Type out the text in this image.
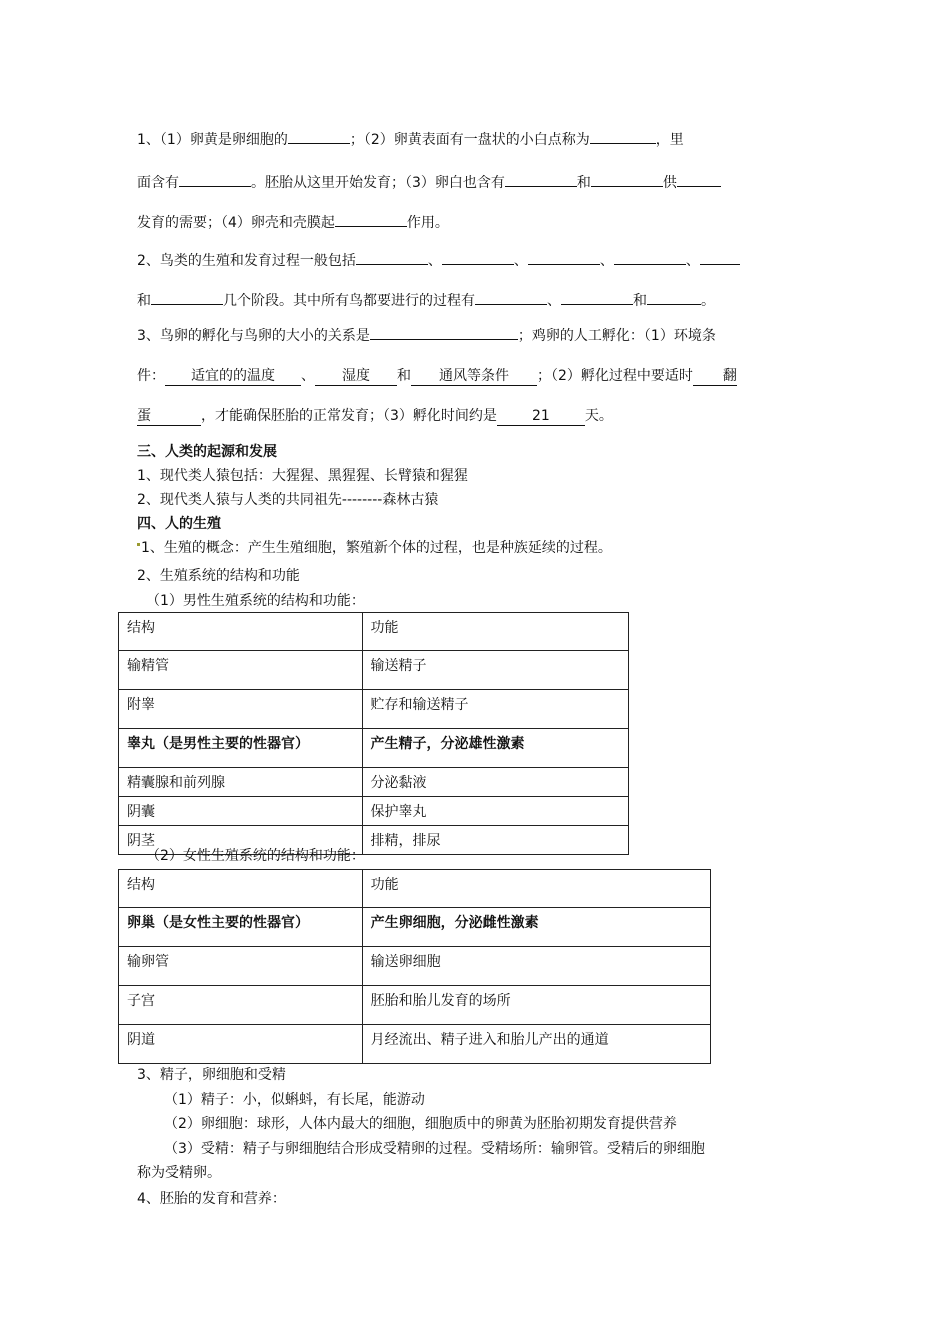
1、（1）卵黄是卵细胞的	；（2）卵黄表面有一盘状的小白点称为	，里
面含有	。胚胎从这里开始发育；（3）卵白也含有	和	供
发育的需要；（4）卵壳和壳膜起	作用。
2、鸟类的生殖和发育过程一般包括	、	、	、	、
和	几个阶段。其中所有鸟都要进行的过程有	、	和	。
3、鸟卵的孵化与鸟卵的大小的关系是	；鸡卵的人工孵化：（1）环境条
件： 适宜的的温度 、 湿度 和 通风等条件 ；（2）孵化过程中要适时 翻
蛋	，才能确保胚胎的正常发育；（3）孵化时间约是	21	天。
三、人类的起源和发展
1、现代类人猿包括：大猩猩、黑猩猩、长臂猿和猩猩
2、现代类人猿与人类的共同祖先--------森林古猿
四、人的生殖
1、生殖的概念：产生生殖细胞，繁殖新个体的过程，也是种族延续的过程。
2、生殖系统的结构和功能
（1）男性生殖系统的结构和功能：
结构	功能
输精管	输送精子
附睾	贮存和输送精子
睾丸（是男性主要的性器官）	产生精子，分泌雄性激素
精囊腺和前列腺	分泌黏液
阴囊	保护睾丸
阴茎	排精，排尿
（2）女性生殖系统的结构和功能：
结构	功能
卵巢（是女性主要的性器官）	产生卵细胞，分泌雌性激素
输卵管	输送卵细胞
子宫	胚胎和胎儿发育的场所
阴道	月经流出、精子进入和胎儿产出的通道
3、精子，卵细胞和受精
（1）精子：小，似蝌蚪，有长尾，能游动
（2）卵细胞：球形，人体内最大的细胞，细胞质中的卵黄为胚胎初期发育提供营养
（3）受精：精子与卵细胞结合形成受精卵的过程。受精场所：输卵管。受精后的卵细胞
称为受精卵。
4、胚胎的发育和营养：
